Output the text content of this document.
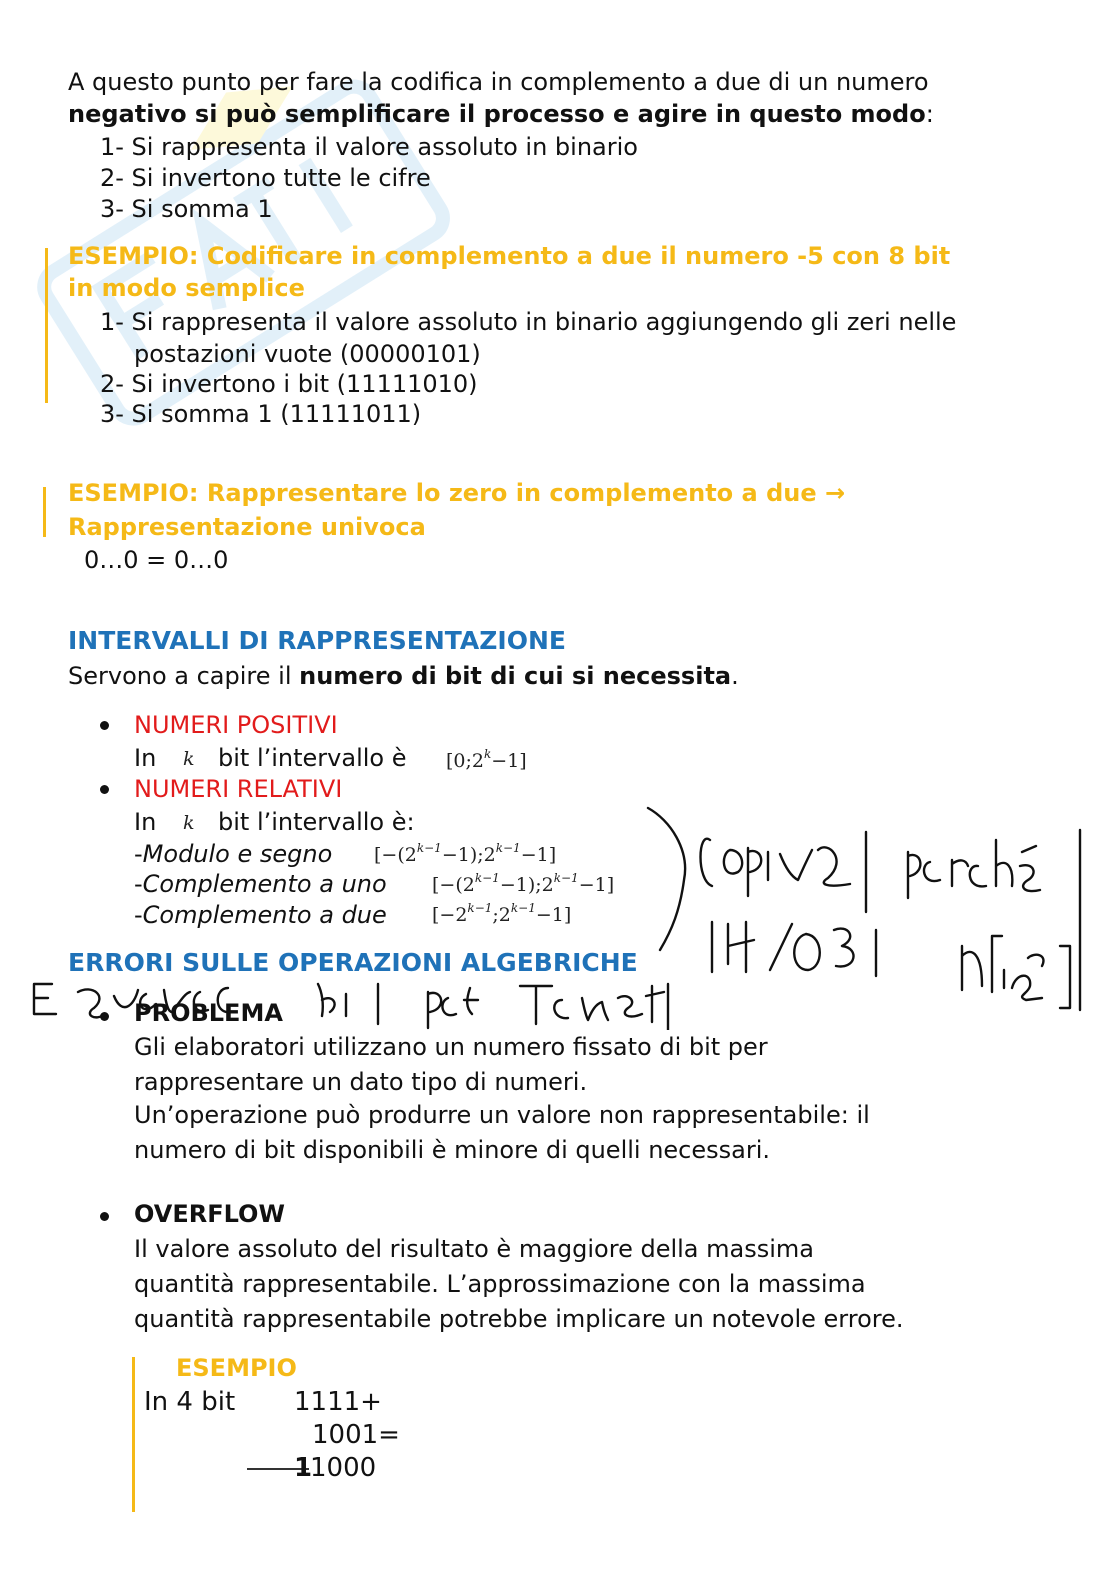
A questo punto per fare la codifica in complemento a due di un numero
negativo si può semplificare il processo e agire in questo modo:
1- Si rappresenta il valore assoluto in binario
2- Si invertono tutte le cifre
3- Si somma 1
ESEMPIO: Codificare in complemento a due il numero -5 con 8 bit
in modo semplice
1- Si rappresenta il valore assoluto in binario aggiungendo gli zeri nelle
postazioni vuote (00000101)
2- Si invertono i bit (11111010)
3- Si somma 1 (11111011)
ESEMPIO: Rappresentare lo zero in complemento a due →
Rappresentazione univoca
0…0 = 0…0
INTERVALLI DI RAPPRESENTAZIONE
Servono a capire il numero di bit di cui si necessita.
NUMERI POSITIVI
In k bit l’intervallo è $[0;2^k-1]$
NUMERI RELATIVI
In k bit l’intervallo è:
-Modulo e segno $[-(2^{k-1}-1);2^{k-1}-1]$
-Complemento a uno $[-(2^{k-1}-1);2^{k-1}-1]$
-Complemento a due $[-2^{k-1};2^{k-1}-1]$
ERRORI SULLE OPERAZIONI ALGEBRICHE
PROBLEMA
Gli elaboratori utilizzano un numero fissato di bit per
rappresentare un dato tipo di numeri.
Un’operazione può produrre un valore non rappresentabile: il
numero di bit disponibili è minore di quelli necessari.
OVERFLOW
Il valore assoluto del risultato è maggiore della massima
quantità rappresentabile. L’approssimazione con la massima
quantità rappresentabile potrebbe implicare un notevole errore.
ESEMPIO
In 4 bit 1111+
1001=
1
1000
